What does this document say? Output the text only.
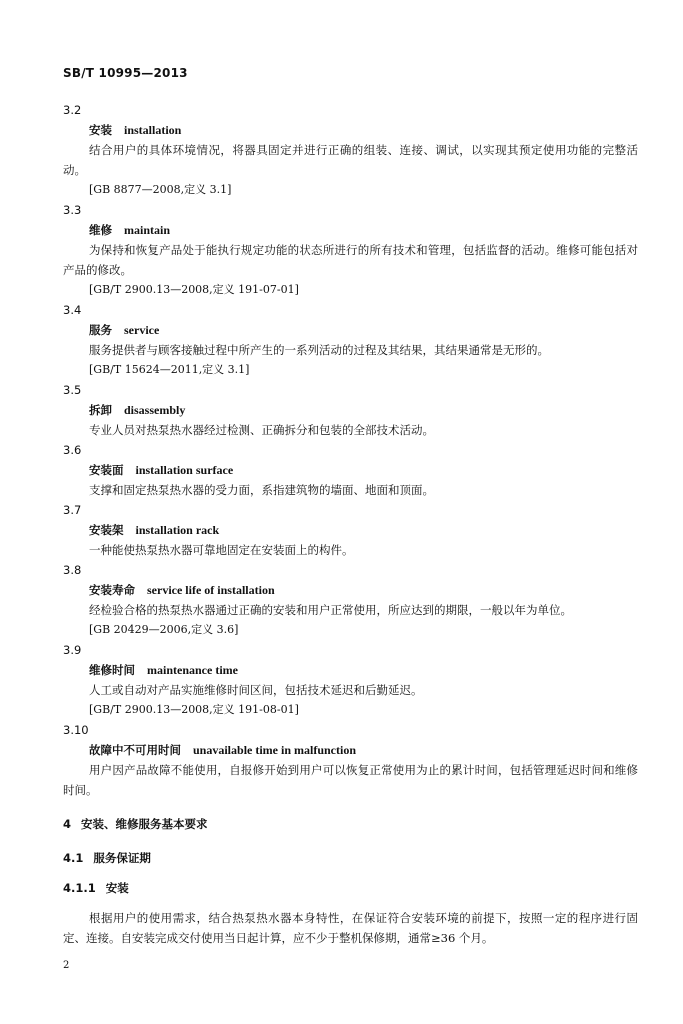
SB/T 10995—2013
3.2
安装 installation

结合用户的具体环境情况，将器具固定并进行正确的组装、连接、调试，以实现其预定使用功能的完整活动。

[GB 8877—2008,定义 3.1]
3.3
维修 maintain

为保持和恢复产品处于能执行规定功能的状态所进行的所有技术和管理，包括监督的活动。维修可能包括对产品的修改。

[GB/T 2900.13—2008,定义 191-07-01]
3.4
服务 service

服务提供者与顾客接触过程中所产生的一系列活动的过程及其结果，其结果通常是无形的。

[GB/T 15624—2011,定义 3.1]
3.5
拆卸 disassembly

专业人员对热泵热水器经过检测、正确拆分和包装的全部技术活动。

3.6
安装面 installation surface

支撑和固定热泵热水器的受力面，系指建筑物的墙面、地面和顶面。

3.7
安装架 installation rack

一种能使热泵热水器可靠地固定在安装面上的构件。

3.8
安装寿命 service life of installation

经检验合格的热泵热水器通过正确的安装和用户正常使用，所应达到的期限，一般以年为单位。

[GB 20429—2006,定义 3.6]
3.9
维修时间 maintenance time

人工或自动对产品实施维修时间区间，包括技术延迟和后勤延迟。

[GB/T 2900.13—2008,定义 191-08-01]
3.10
故障中不可用时间 unavailable time in malfunction

用户因产品故障不能使用，自报修开始到用户可以恢复正常使用为止的累计时间，包括管理延迟时间和维修时间。

4 安装、维修服务基本要求
4.1 服务保证期
4.1.1 安装

根据用户的使用需求，结合热泵热水器本身特性，在保证符合安装环境的前提下，按照一定的程序进行固定、连接。自安装完成交付使用当日起计算，应不少于整机保修期，通常≥36 个月。

2
